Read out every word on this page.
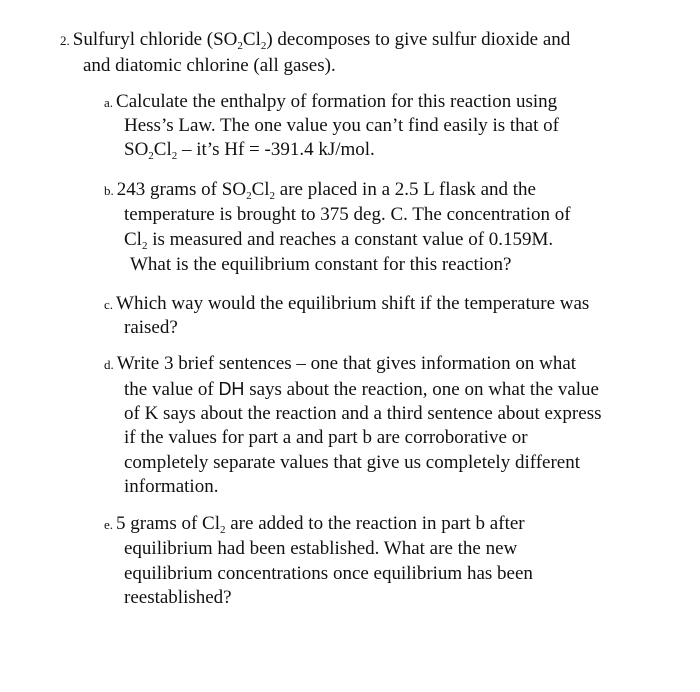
2. Sulfuryl chloride $(SO_2Cl_2)$ decomposes to give sulfur dioxide and
and diatomic chlorine (all gases).
a. Calculate the enthalpy of formation for this reaction using
Hess’s Law. The one value you can’t find easily is that of
$SO_2Cl_2$ – it’s Hf = -391.4 kJ/mol.
b. 243 grams of $SO_2Cl_2$ are placed in a 2.5 L flask and the
temperature is brought to 375 deg. C. The concentration of
$Cl_2$ is measured and reaches a constant value of 0.159M.
What is the equilibrium constant for this reaction?
c. Which way would the equilibrium shift if the temperature was
raised?
d. Write 3 brief sentences – one that gives information on what
the value of DH says about the reaction, one on what the value
of K says about the reaction and a third sentence about express
if the values for part a and part b are corroborative or
completely separate values that give us completely different
information.
e. 5 grams of $Cl_2$ are added to the reaction in part b after
equilibrium had been established. What are the new
equilibrium concentrations once equilibrium has been
reestablished?
